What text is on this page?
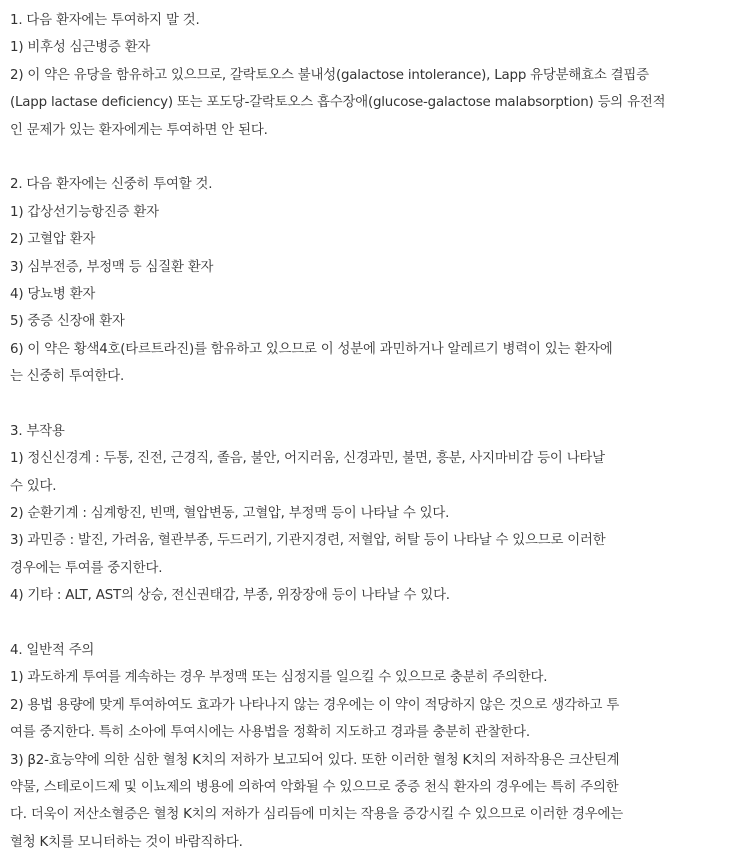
1. 다음 환자에는 투여하지 말 것.
1) 비후성 심근병증 환자
2) 이 약은 유당을 함유하고 있으므로, 갈락토오스 불내성(galactose intolerance), Lapp 유당분해효소 결핍증
(Lapp lactase deficiency) 또는 포도당-갈락토오스 흡수장애(glucose-galactose malabsorption) 등의 유전적
인 문제가 있는 환자에게는 투여하면 안 된다.
2. 다음 환자에는 신중히 투여할 것.
1) 갑상선기능항진증 환자
2) 고혈압 환자
3) 심부전증, 부정맥 등 심질환 환자
4) 당뇨병 환자
5) 중증 신장애 환자
6) 이 약은 황색4호(타르트라진)를 함유하고 있으므로 이 성분에 과민하거나 알레르기 병력이 있는 환자에
는 신중히 투여한다.
3. 부작용
1) 정신신경계 : 두통, 진전, 근경직, 졸음, 불안, 어지러움, 신경과민, 불면, 흥분, 사지마비감 등이 나타날
수 있다.
2) 순환기계 : 심계항진, 빈맥, 혈압변동, 고혈압, 부정맥 등이 나타날 수 있다.
3) 과민증 : 발진, 가려움, 혈관부종, 두드러기, 기관지경련, 저혈압, 허탈 등이 나타날 수 있으므로 이러한
경우에는 투여를 중지한다.
4) 기타 : ALT, AST의 상승, 전신권태감, 부종, 위장장애 등이 나타날 수 있다.
4. 일반적 주의
1) 과도하게 투여를 계속하는 경우 부정맥 또는 심정지를 일으킬 수 있으므로 충분히 주의한다.
2) 용법 용량에 맞게 투여하여도 효과가 나타나지 않는 경우에는 이 약이 적당하지 않은 것으로 생각하고 투
여를 중지한다. 특히 소아에 투여시에는 사용법을 정확히 지도하고 경과를 충분히 관찰한다.
3) β2-효능약에 의한 심한 혈청 K치의 저하가 보고되어 있다. 또한 이러한 혈청 K치의 저하작용은 크산틴계
약물, 스테로이드제 및 이뇨제의 병용에 의하여 악화될 수 있으므로 중증 천식 환자의 경우에는 특히 주의한
다. 더욱이 저산소혈증은 혈청 K치의 저하가 심리듬에 미치는 작용을 증강시킬 수 있으므로 이러한 경우에는
혈청 K치를 모니터하는 것이 바람직하다.
